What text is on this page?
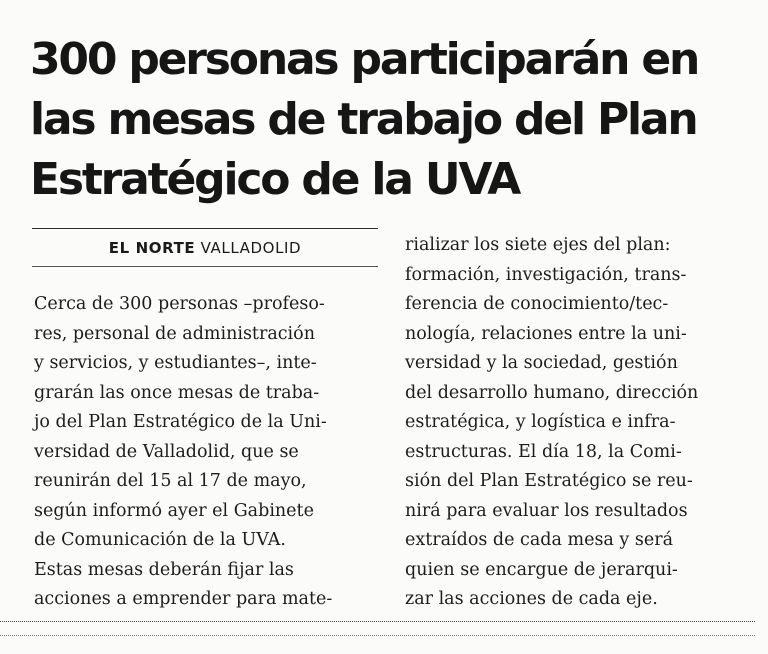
300 personas participarán en
las mesas de trabajo del Plan
Estratégico de la UVA
EL NORTE VALLADOLID
Cerca de 300 personas –profeso-
res, personal de administración
y servicios, y estudiantes–, inte-
grarán las once mesas de traba-
jo del Plan Estratégico de la Uni-
versidad de Valladolid, que se
reunirán del 15 al 17 de mayo,
según informó ayer el Gabinete
de Comunicación de la UVA.
Estas mesas deberán fijar las
acciones a emprender para mate-
rializar los siete ejes del plan:
formación, investigación, trans-
ferencia de conocimiento/tec-
nología, relaciones entre la uni-
versidad y la sociedad, gestión
del desarrollo humano, dirección
estratégica, y logística e infra-
estructuras. El día 18, la Comi-
sión del Plan Estratégico se reu-
nirá para evaluar los resultados
extraídos de cada mesa y será
quien se encargue de jerarqui-
zar las acciones de cada eje.
